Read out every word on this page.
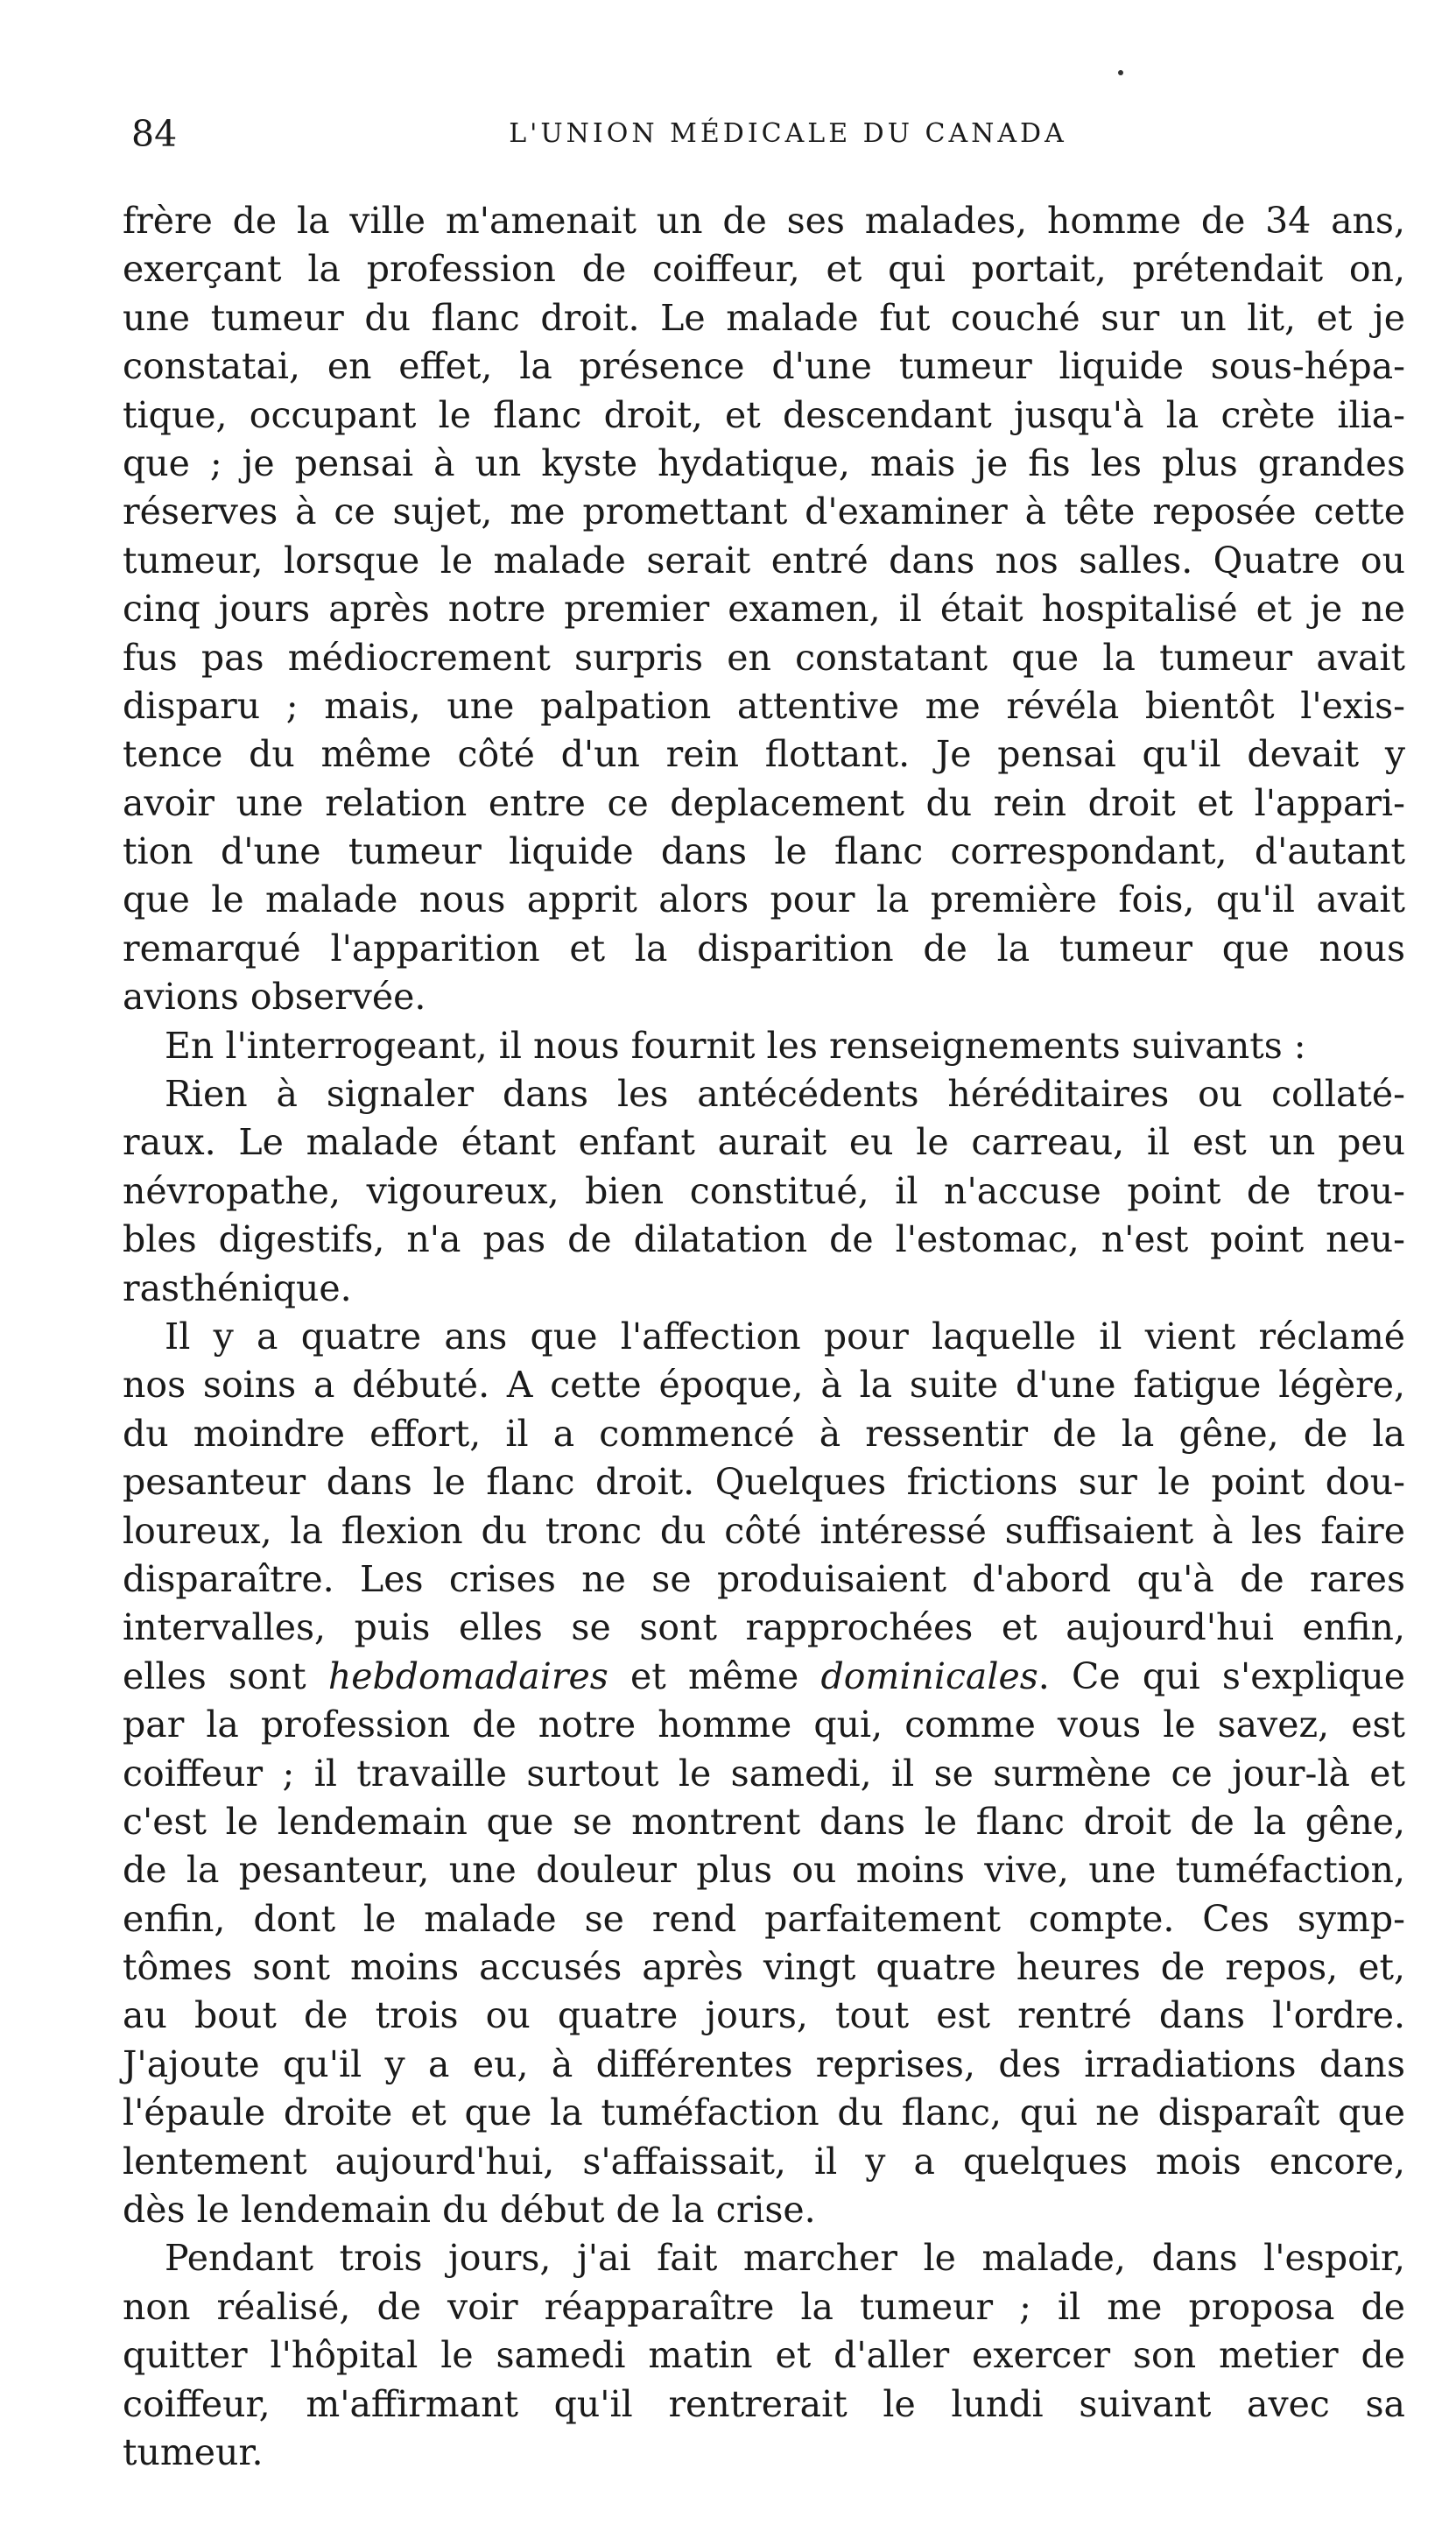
84	L'UNION MÉDICALE DU CANADA
frère de la ville m'amenait un de ses malades, homme de 34 ans,
exerçant la profession de coiffeur, et qui portait, prétendait on,
une tumeur du flanc droit. Le malade fut couché sur un lit, et je
constatai, en effet, la présence d'une tumeur liquide sous-hépa-
tique, occupant le flanc droit, et descendant jusqu'à la crète ilia-
que ; je pensai à un kyste hydatique, mais je fis les plus grandes
réserves à ce sujet, me promettant d'examiner à tête reposée cette
tumeur, lorsque le malade serait entré dans nos salles. Quatre ou
cinq jours après notre premier examen, il était hospitalisé et je ne
fus pas médiocrement surpris en constatant que la tumeur avait
disparu ; mais, une palpation attentive me révéla bientôt l'exis-
tence du même côté d'un rein flottant. Je pensai qu'il devait y
avoir une relation entre ce deplacement du rein droit et l'appari-
tion d'une tumeur liquide dans le flanc correspondant, d'autant
que le malade nous apprit alors pour la première fois, qu'il avait
remarqué l'apparition et la disparition de la tumeur que nous
avions observée.
En l'interrogeant, il nous fournit les renseignements suivants :
Rien à signaler dans les antécédents héréditaires ou collaté-
raux. Le malade étant enfant aurait eu le carreau, il est un peu
névropathe, vigoureux, bien constitué, il n'accuse point de trou-
bles digestifs, n'a pas de dilatation de l'estomac, n'est point neu-
rasthénique.
Il y a quatre ans que l'affection pour laquelle il vient réclamé
nos soins a débuté. A cette époque, à la suite d'une fatigue légère,
du moindre effort, il a commencé à ressentir de la gêne, de la
pesanteur dans le flanc droit. Quelques frictions sur le point dou-
loureux, la flexion du tronc du côté intéressé suffisaient à les faire
disparaître. Les crises ne se produisaient d'abord qu'à de rares
intervalles, puis elles se sont rapprochées et aujourd'hui enfin,
elles sont hebdomadaires et même dominicales. Ce qui s'explique
par la profession de notre homme qui, comme vous le savez, est
coiffeur ; il travaille surtout le samedi, il se surmène ce jour-là et
c'est le lendemain que se montrent dans le flanc droit de la gêne,
de la pesanteur, une douleur plus ou moins vive, une tuméfaction,
enfin, dont le malade se rend parfaitement compte. Ces symp-
tômes sont moins accusés après vingt quatre heures de repos, et,
au bout de trois ou quatre jours, tout est rentré dans l'ordre.
J'ajoute qu'il y a eu, à différentes reprises, des irradiations dans
l'épaule droite et que la tuméfaction du flanc, qui ne disparaît que
lentement aujourd'hui, s'affaissait, il y a quelques mois encore,
dès le lendemain du début de la crise.
Pendant trois jours, j'ai fait marcher le malade, dans l'espoir,
non réalisé, de voir réapparaître la tumeur ; il me proposa de
quitter l'hôpital le samedi matin et d'aller exercer son metier de
coiffeur, m'affirmant qu'il rentrerait le lundi suivant avec sa
tumeur.
